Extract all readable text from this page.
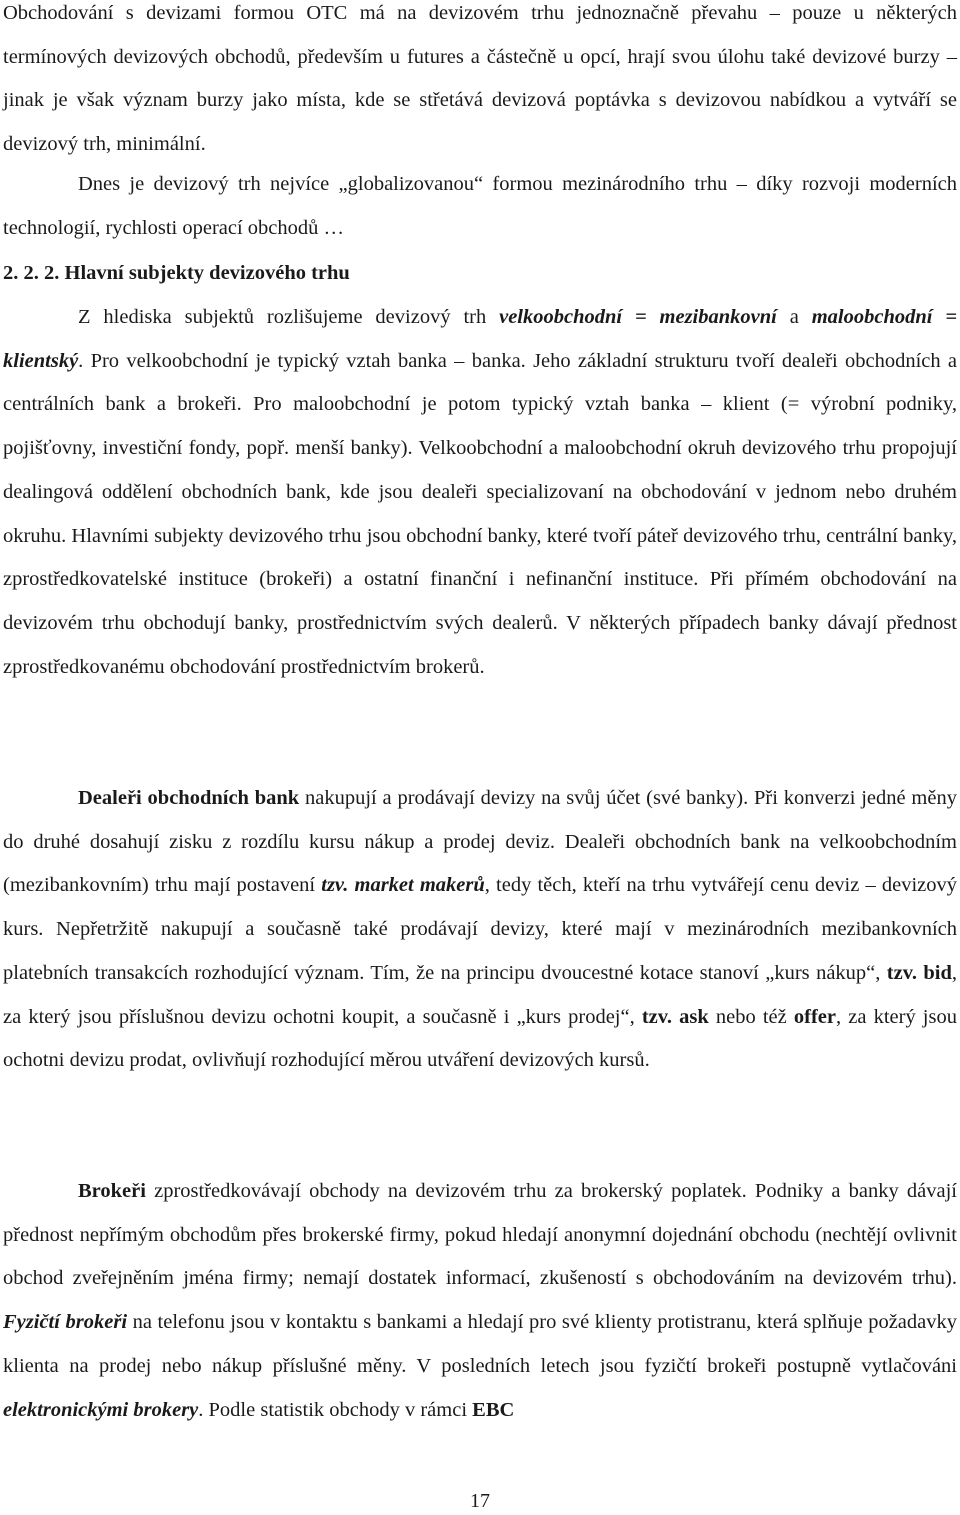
Obchodování s devizami formou OTC má na devizovém trhu jednoznačně převahu – pouze u některých termínových devizových obchodů, především u futures a částečně u opcí, hrají svou úlohu také devizové burzy – jinak je však význam burzy jako místa, kde se střetává devizová poptávka s devizovou nabídkou a vytváří se devizový trh, minimální.

Dnes je devizový trh nejvíce „globalizovanou“ formou mezinárodního trhu – díky rozvoji moderních technologií, rychlosti operací obchodů …

2. 2. 2. Hlavní subjekty devizového trhu

Z hlediska subjektů rozlišujeme devizový trh velkoobchodní = mezibankovní a maloobchodní = klientský. Pro velkoobchodní je typický vztah banka – banka. Jeho základní strukturu tvoří dealeři obchodních a centrálních bank a brokeři. Pro maloobchodní je potom typický vztah banka – klient (= výrobní podniky, pojišťovny, investiční fondy, popř. menší banky). Velkoobchodní a maloobchodní okruh devizového trhu propojují dealingová oddělení obchodních bank, kde jsou dealeři specializovaní na obchodování v jednom nebo druhém okruhu. Hlavními subjekty devizového trhu jsou obchodní banky, které tvoří páteř devizového trhu, centrální banky, zprostředkovatelské instituce (brokeři) a ostatní finanční i nefinanční instituce. Při přímém obchodování na devizovém trhu obchodují banky, prostřednictvím svých dealerů. V některých případech banky dávají přednost zprostředkovanému obchodování prostřednictvím brokerů.

Dealeři obchodních bank nakupují a prodávají devizy na svůj účet (své banky). Při konverzi jedné měny do druhé dosahují zisku z rozdílu kursu nákup a prodej deviz. Dealeři obchodních bank na velkoobchodním (mezibankovním) trhu mají postavení tzv. market makerů, tedy těch, kteří na trhu vytvářejí cenu deviz – devizový kurs. Nepřetržitě nakupují a současně také prodávají devizy, které mají v mezinárodních mezibankovních platebních transakcích rozhodující význam. Tím, že na principu dvoucestné kotace stanoví „kurs nákup“, tzv. bid, za který jsou příslušnou devizu ochotni koupit, a současně i „kurs prodej“, tzv. ask nebo též offer, za který jsou ochotni devizu prodat, ovlivňují rozhodující měrou utváření devizových kursů.

Brokeři zprostředkovávají obchody na devizovém trhu za brokerský poplatek. Podniky a banky dávají přednost nepřímým obchodům přes brokerské firmy, pokud hledají anonymní dojednání obchodu (nechtějí ovlivnit obchod zveřejněním jména firmy; nemají dostatek informací, zkušeností s obchodováním na devizovém trhu). Fyzičtí brokeři na telefonu jsou v kontaktu s bankami a hledají pro své klienty protistranu, která splňuje požadavky klienta na prodej nebo nákup příslušné měny. V posledních letech jsou fyzičtí brokeři postupně vytlačováni elektronickými brokery. Podle statistik obchody v rámci EBC

17
